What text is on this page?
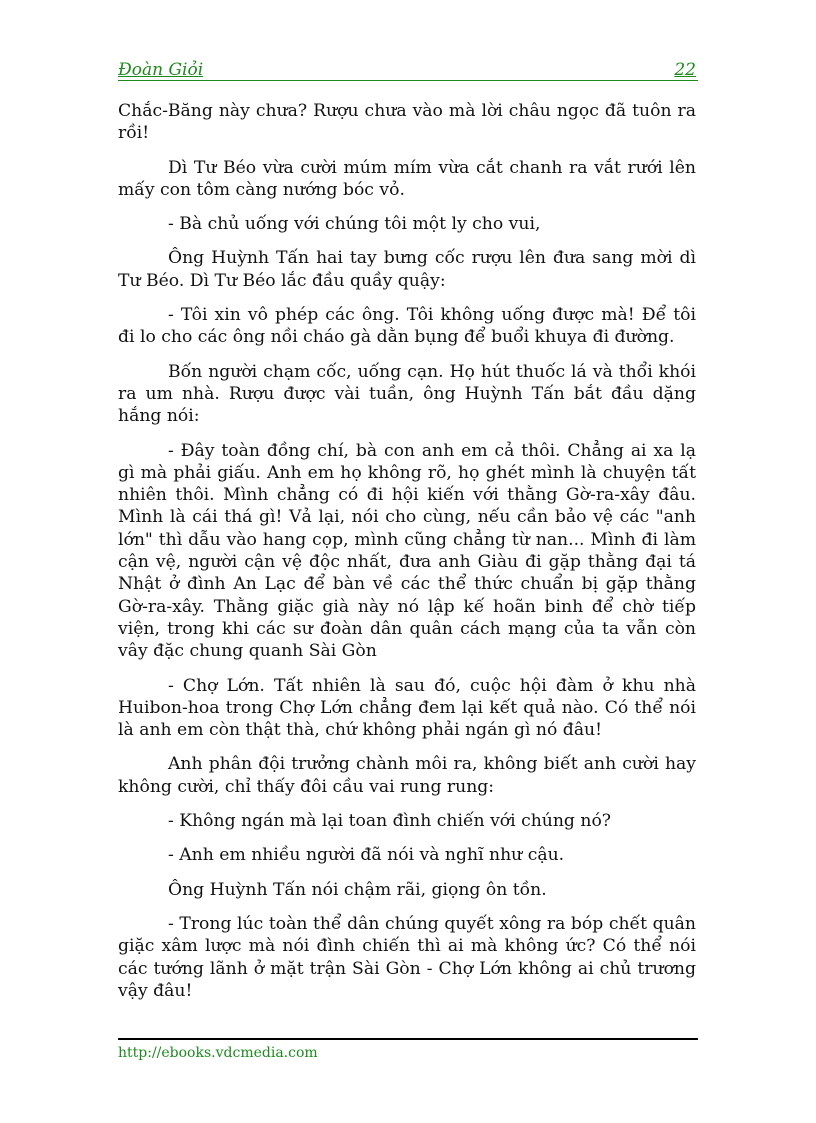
Đoàn Giỏi	22

Chắc-Băng này chưa? Rượu chưa vào mà lời châu ngọc đã tuôn ra rồi!

Dì Tư Béo vừa cười múm mím vừa cắt chanh ra vắt rưới lên mấy con tôm càng nướng bóc vỏ.

- Bà chủ uống với chúng tôi một ly cho vui,

Ông Huỳnh Tấn hai tay bưng cốc rượu lên đưa sang mời dì Tư Béo. Dì Tư Béo lắc đầu quầy quậy:

- Tôi xin vô phép các ông. Tôi không uống được mà! Để tôi đi lo cho các ông nồi cháo gà dằn bụng để buổi khuya đi đường.

Bốn người chạm cốc, uống cạn. Họ hút thuốc lá và thổi khói ra um nhà. Rượu được vài tuần, ông Huỳnh Tấn bắt đầu dặng hắng nói:

- Đây toàn đồng chí, bà con anh em cả thôi. Chẳng ai xa lạ gì mà phải giấu. Anh em họ không rõ, họ ghét mình là chuyện tất nhiên thôi. Mình chẳng có đi hội kiến với thằng Gờ-ra-xây đâu. Mình là cái thá gì! Vả lại, nói cho cùng, nếu cần bảo vệ các "anh lớn" thì dẫu vào hang cọp, mình cũng chẳng từ nan... Mình đi làm cận vệ, người cận vệ độc nhất, đưa anh Giàu đi gặp thằng đại tá Nhật ở đình An Lạc để bàn về các thể thức chuẩn bị gặp thằng Gờ-ra-xây. Thằng giặc già này nó lập kế hoãn binh để chờ tiếp viện, trong khi các sư đoàn dân quân cách mạng của ta vẫn còn vây đặc chung quanh Sài Gòn

- Chợ Lớn. Tất nhiên là sau đó, cuộc hội đàm ở khu nhà Huibon-hoa trong Chợ Lớn chẳng đem lại kết quả nào. Có thể nói là anh em còn thật thà, chứ không phải ngán gì nó đâu!

Anh phân đội trưởng chành môi ra, không biết anh cười hay không cười, chỉ thấy đôi cầu vai rung rung:

- Không ngán mà lại toan đình chiến với chúng nó?

- Anh em nhiều người đã nói và nghĩ như cậu.

Ông Huỳnh Tấn nói chậm rãi, giọng ôn tồn.

- Trong lúc toàn thể dân chúng quyết xông ra bóp chết quân giặc xâm lược mà nói đình chiến thì ai mà không ức? Có thể nói các tướng lãnh ở mặt trận Sài Gòn - Chợ Lớn không ai chủ trương vậy đâu!

http://ebooks.vdcmedia.com
